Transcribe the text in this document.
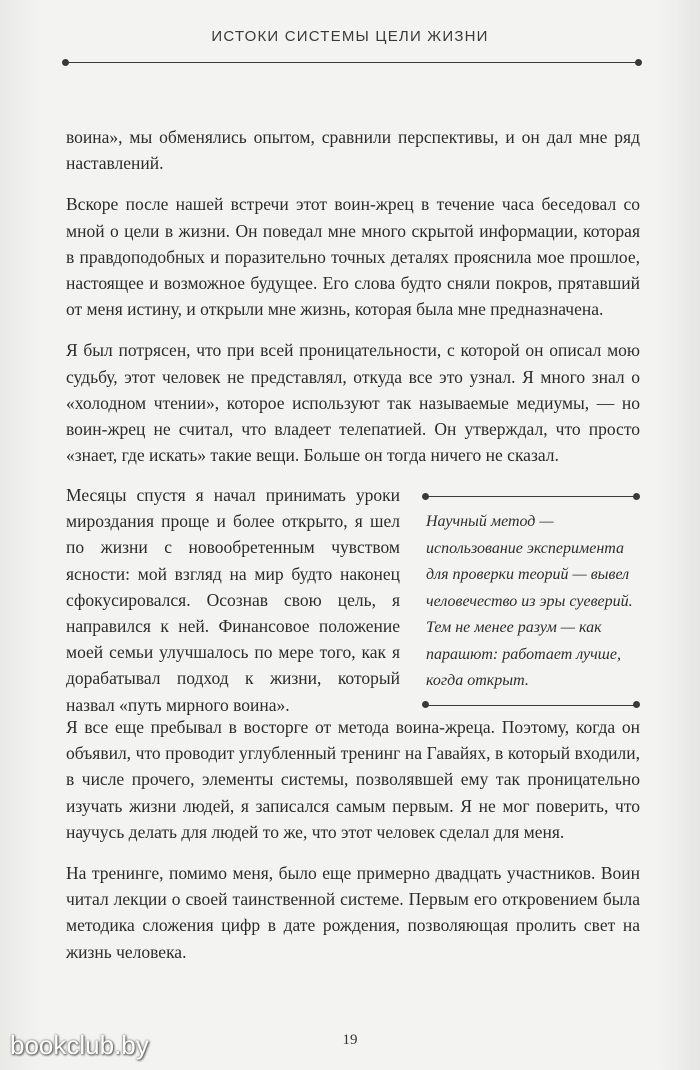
ИСТОКИ СИСТЕМЫ ЦЕЛИ ЖИЗНИ

воина», мы обменялись опытом, сравнили перспективы, и он дал мне ряд наставлений.

Вскоре после нашей встречи этот воин-жрец в течение часа беседовал со мной о цели в жизни. Он поведал мне много скрытой информации, которая в правдоподобных и поразительно точных деталях прояснила мое прошлое, настоящее и возможное будущее. Его слова будто сняли покров, прятавший от меня истину, и открыли мне жизнь, которая была мне предназначена.

Я был потрясен, что при всей проницательности, с которой он описал мою судьбу, этот человек не представлял, откуда все это узнал. Я много знал о «холодном чтении», которое используют так называемые медиумы, — но воин-жрец не считал, что владеет телепатией. Он утверждал, что просто «знает, где искать» такие вещи. Больше он тогда ничего не сказал.

Месяцы спустя я начал принимать уроки мироздания проще и более открыто, я шел по жизни с новообретенным чувством ясности: мой взгляд на мир будто наконец сфокусировался. Осознав свою цель, я направился к ней. Финансовое положение моей семьи улучшалось по мере того, как я дорабатывал подход к жизни, который назвал «путь мирного воина».
Научный метод — использование эксперимента для проверки теорий — вывел человечество из эры суеверий. Тем не менее разум — как парашют: работает лучше, когда открыт.

Я все еще пребывал в восторге от метода воина-жреца. Поэтому, когда он объявил, что проводит углубленный тренинг на Гавайях, в который входили, в числе прочего, элементы системы, позволявшей ему так проницательно изучать жизни людей, я записался самым первым. Я не мог поверить, что научусь делать для людей то же, что этот человек сделал для меня.

На тренинге, помимо меня, было еще примерно двадцать участников. Воин читал лекции о своей таинственной системе. Первым его откровением была методика сложения цифр в дате рождения, позволяющая пролить свет на жизнь человека.

19
bookclub.by
